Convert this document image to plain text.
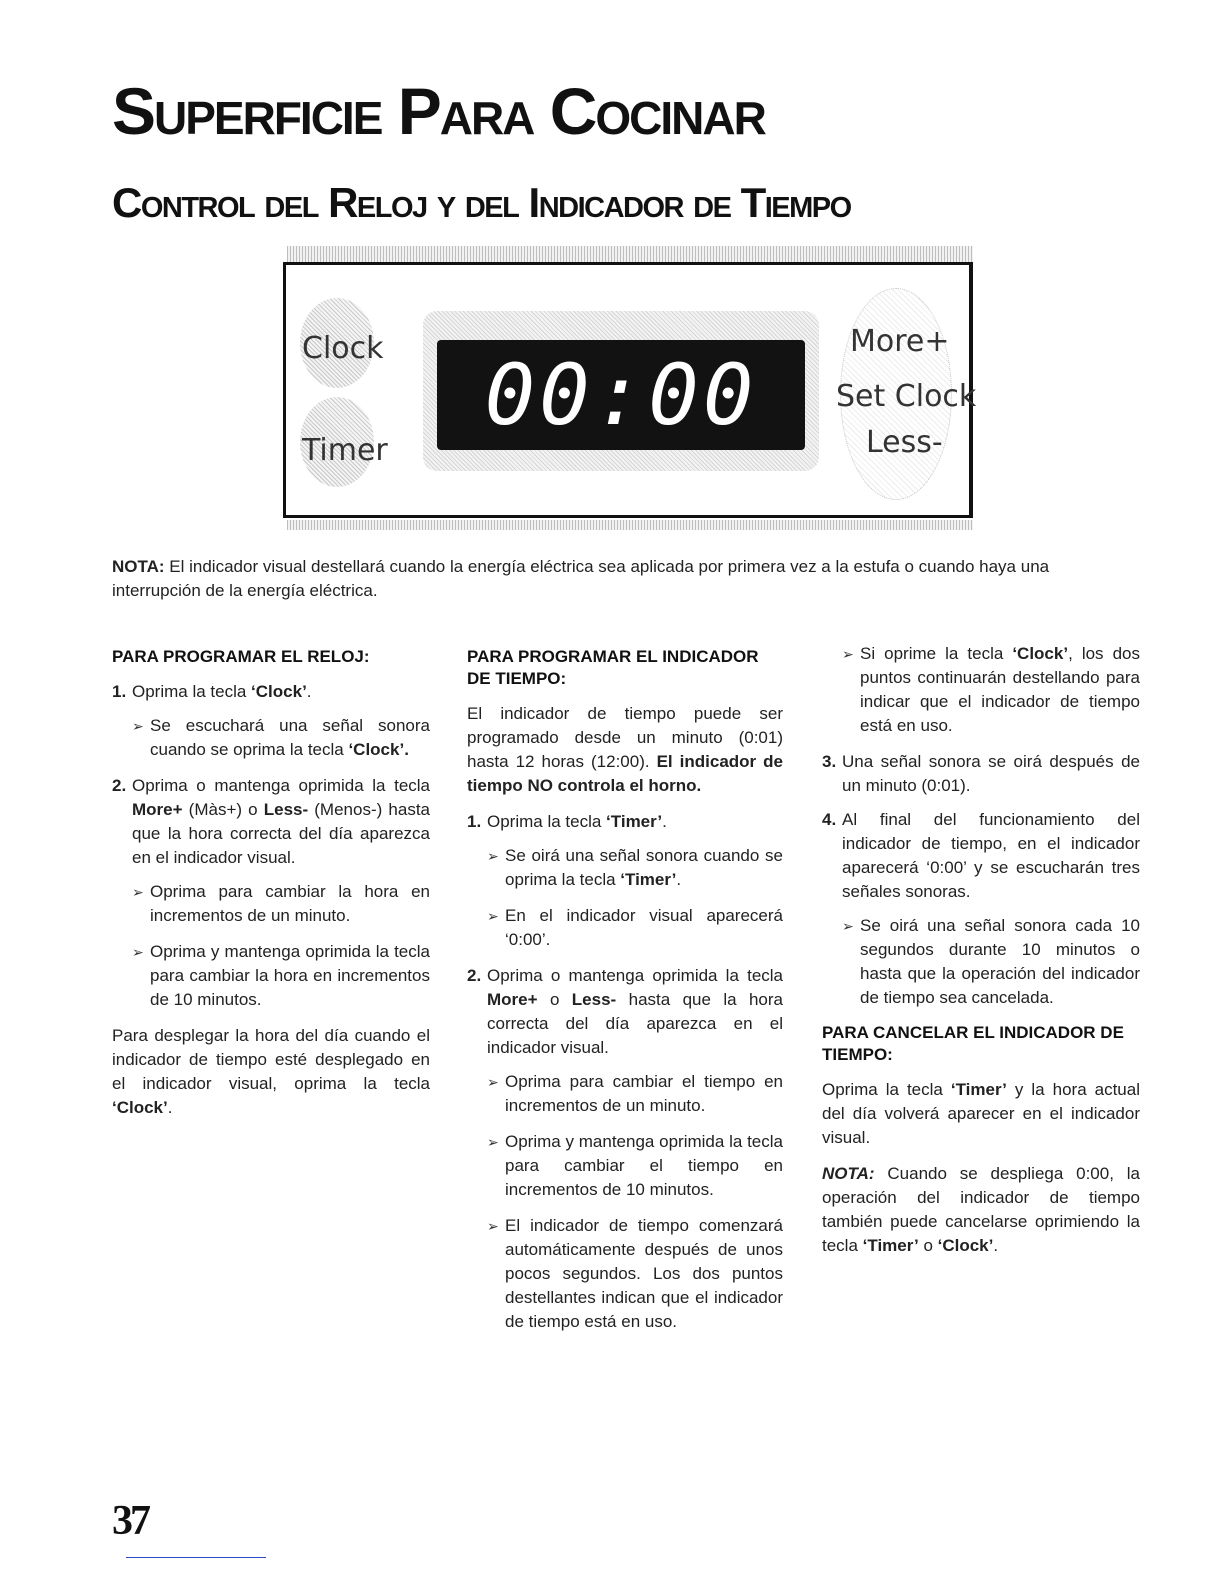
Superficie Para Cocinar
Control del Reloj y del Indicador de Tiempo
00:00
Clock
Timer
More+
Set Clock
Less-

NOTA: El indicador visual destellará cuando la energía eléctrica sea aplicada por primera vez a la estufa o cuando haya una interrupción de la energía eléctrica.

PARA PROGRAMAR EL RELOJ:
1. Oprima la tecla ‘Clock’.
➢ Se escuchará una señal sonora cuando se oprima la tecla ‘Clock’.
2. Oprima o mantenga oprimida la tecla More+ (Màs+) o Less- (Menos-) hasta que la hora correcta del día aparezca en el indicador visual.
➢ Oprima para cambiar la hora en incrementos de un minuto.
➢ Oprima y mantenga oprimida la tecla para cambiar la hora en incrementos de 10 minutos.

Para desplegar la hora del día cuando el indicador de tiempo esté desplegado en el indicador visual, oprima la tecla ‘Clock’.

PARA PROGRAMAR EL INDICADOR DE TIEMPO:

El indicador de tiempo puede ser programado desde un minuto (0:01) hasta 12 horas (12:00). El indicador de tiempo NO controla el horno.

1. Oprima la tecla ‘Timer’.
➢ Se oirá una señal sonora cuando se oprima la tecla ‘Timer’.
➢ En el indicador visual aparecerá ‘0:00’.
2. Oprima o mantenga oprimida la tecla More+ o Less- hasta que la hora correcta del día aparezca en el indicador visual.
➢ Oprima para cambiar el tiempo en incrementos de un minuto.
➢ Oprima y mantenga oprimida la tecla para cambiar el tiempo en incrementos de 10 minutos.
➢ El indicador de tiempo comenzará automáticamente después de unos pocos segundos. Los dos puntos destellantes indican que el indicador de tiempo está en uso.
➢ Si oprime la tecla ‘Clock’, los dos puntos continuarán destellando para indicar que el indicador de tiempo está en uso.
3. Una señal sonora se oirá después de un minuto (0:01).
4. Al final del funcionamiento del indicador de tiempo, en el indicador aparecerá ‘0:00’ y se escucharán tres señales sonoras.
➢ Se oirá una señal sonora cada 10 segundos durante 10 minutos o hasta que la operación del indicador de tiempo sea cancelada.
PARA CANCELAR EL INDICADOR DE TIEMPO:

Oprima la tecla ‘Timer’ y la hora actual del día volverá aparecer en el indicador visual.

NOTA: Cuando se despliega 0:00, la operación del indicador de tiempo también puede cancelarse oprimiendo la tecla ‘Timer’ o ‘Clock’.

37
